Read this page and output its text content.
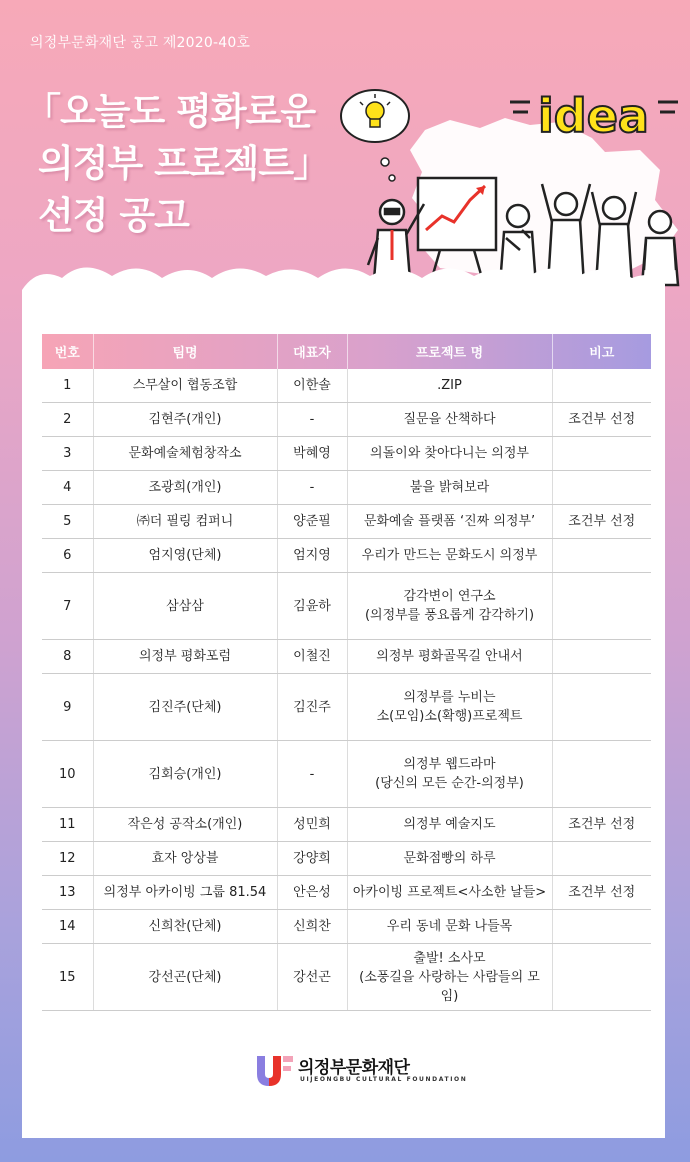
의정부문화재단 공고 제2020-40호
「오늘도 평화로운
의정부 프로젝트」
선정 공고
idea
번호	팀명	대표자	프로젝트 명	비고
1	스무살이 협동조합	이한솔	.ZIP	

2	김현주(개인)	-	질문을 산책하다	조건부 선정
3	문화예술체험창작소	박혜영	의돌이와 찾아다니는 의정부	

4	조광희(개인)	-	불을 밝혀보라	

5	㈜더 필링 컴퍼니	양준필	문화예술 플랫폼 ‘진짜 의정부’	조건부 선정
6	엄지영(단체)	엄지영	우리가 만드는 문화도시 의정부	

7	삼삼삼	김윤하	감각변이 연구소
(의정부를 풍요롭게 감각하기)	

8	의정부 평화포럼	이철진	의정부 평화골목길 안내서	

9	김진주(단체)	김진주	의정부를 누비는
소(모임)소(확행)프로젝트	

10	김회승(개인)	-	의정부 웹드라마
(당신의 모든 순간-의정부)	

11	작은성 공작소(개인)	성민희	의정부 예술지도	조건부 선정
12	효자 앙상블	강양희	문화점빵의 하루	

13	의정부 아카이빙 그룹 81.54	안은성	아카이빙 프로젝트<사소한 날들>	조건부 선정
14	신희찬(단체)	신희찬	우리 동네 문화 나들목	

15	강선곤(단체)	강선곤	출발! 소사모
(소풍길을 사랑하는 사람들의 모임)	

의정부문화재단
UIJEONGBU CULTURAL FOUNDATION
